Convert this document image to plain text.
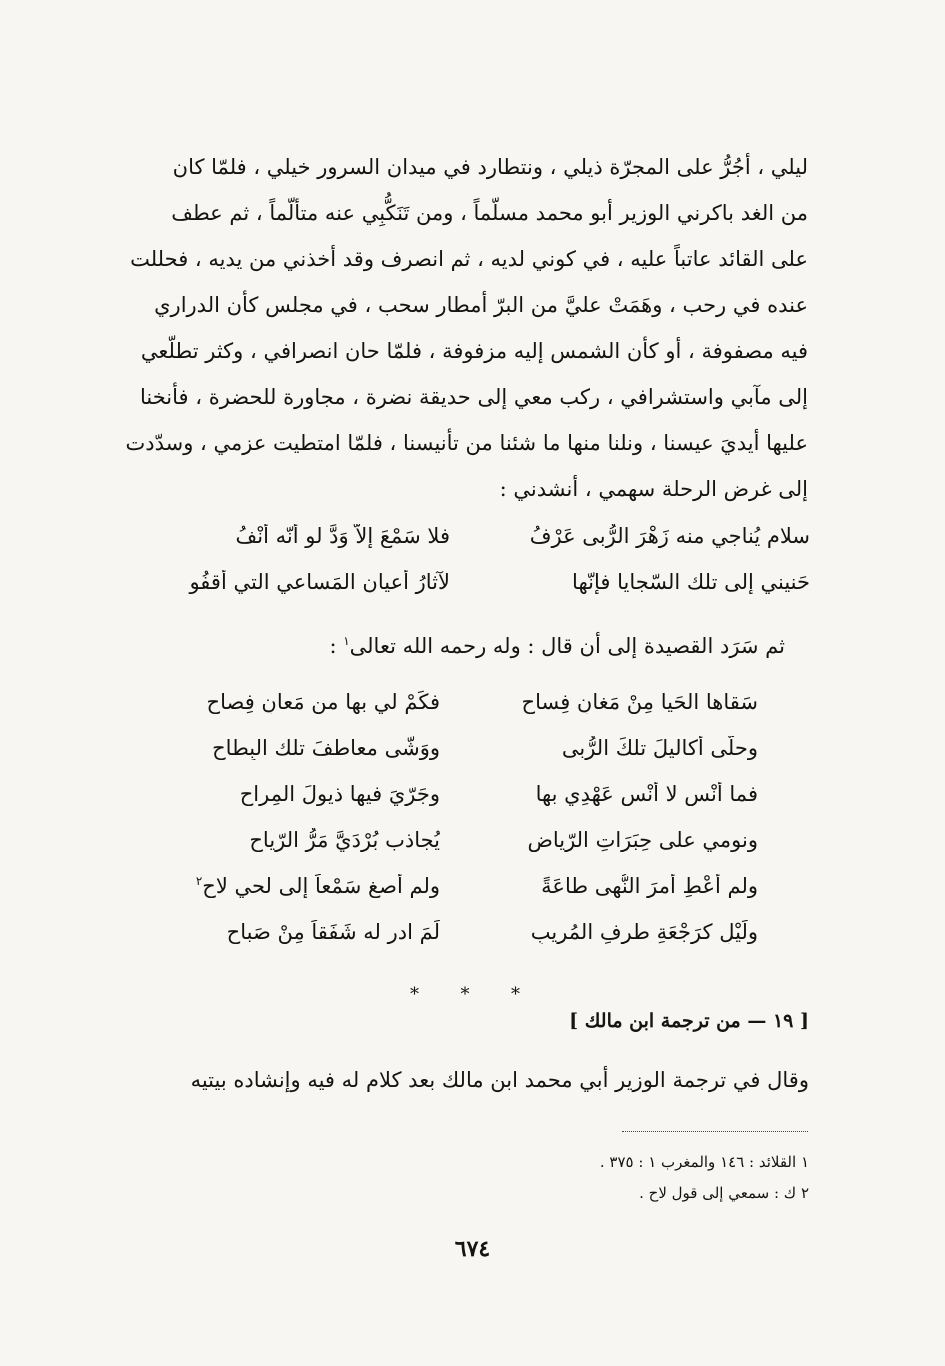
ليلي ، أجُرُّ على المجرّة ذيلي ، ونتطارد في ميدان السرور خيلي ، فلمّا كان
من الغد باكرني الوزير أبو محمد مسلّماً ، ومن تَنَكُّبِي عنه متألّماً ، ثم عطف
على القائد عاتباً عليه ، في كوني لديه ، ثم انصرف وقد أخذني من يديه ، فحللت
عنده في رحب ، وهَمَتْ عليَّ من البرّ أمطار سحب ، في مجلس كأن الدراري
فيه مصفوفة ، أو كأن الشمس إليه مزفوفة ، فلمّا حان انصرافي ، وكثر تطلّعي
إلى مآبي واستشرافي ، ركب معي إلى حديقة نضرة ، مجاورة للحضرة ، فأنخنا
عليها أيديَ عيسنا ، ونلنا منها ما شئنا من تأنيسنا ، فلمّا امتطيت عزمي ، وسدّدت
إلى غرض الرحلة سهمي ، أنشدني :
سلام يُناجي منه زَهْرَ الرُّبى عَرْفُ
فلا سَمْعَ إلاّ وَدَّ لو أنّه أنْفُ
حَنيني إلى تلك السّجايا فإنّها
لآثارُ أعيانِ المَساعي التي أقفُو
ثم سَرَد القصيدة إلى أن قال : وله رحمه الله تعالى$^١$ :
سَقاها الحَيا مِنْ مَغانٍ فِساحِ
فكَمْ لي بها من مَعانٍ فِصاحِ
وحلّى أكاليلَ تلكَ الرُّبى
ووَشّى معاطفَ تلك البِطاحِ
فما أنْس لا أنْس عَهْدِي بها
وجَرّيَ فيها ذيولَ المِراحِ
ونومي على حِبَرَاتِ الرّياضِ
يُجاذب بُرْدَيَّ مَرُّ الرّياحِ
ولم أُعْطِ أمرَ النُّهى طاعَةً
ولم أُصغِ سَمْعاً إلى لحي لاحِ$^٢$
ولَيْلٍ كرَجْعَةِ طرفِ المُريبِ
لَمَ ادرِ له شَفَقاً مِنْ صَباحِ
* * *
[ ١٩ — من ترجمة ابن مالك ]
وقال في ترجمة الوزير أبي محمد ابن مالك بعد كلام له فيه وإنشاده بيتيه
١ القلائد : ١٤٦ والمغرب ١ : ٣٧٥ .
٢ ك : سمعي إلى قول لاح .
٦٧٤
